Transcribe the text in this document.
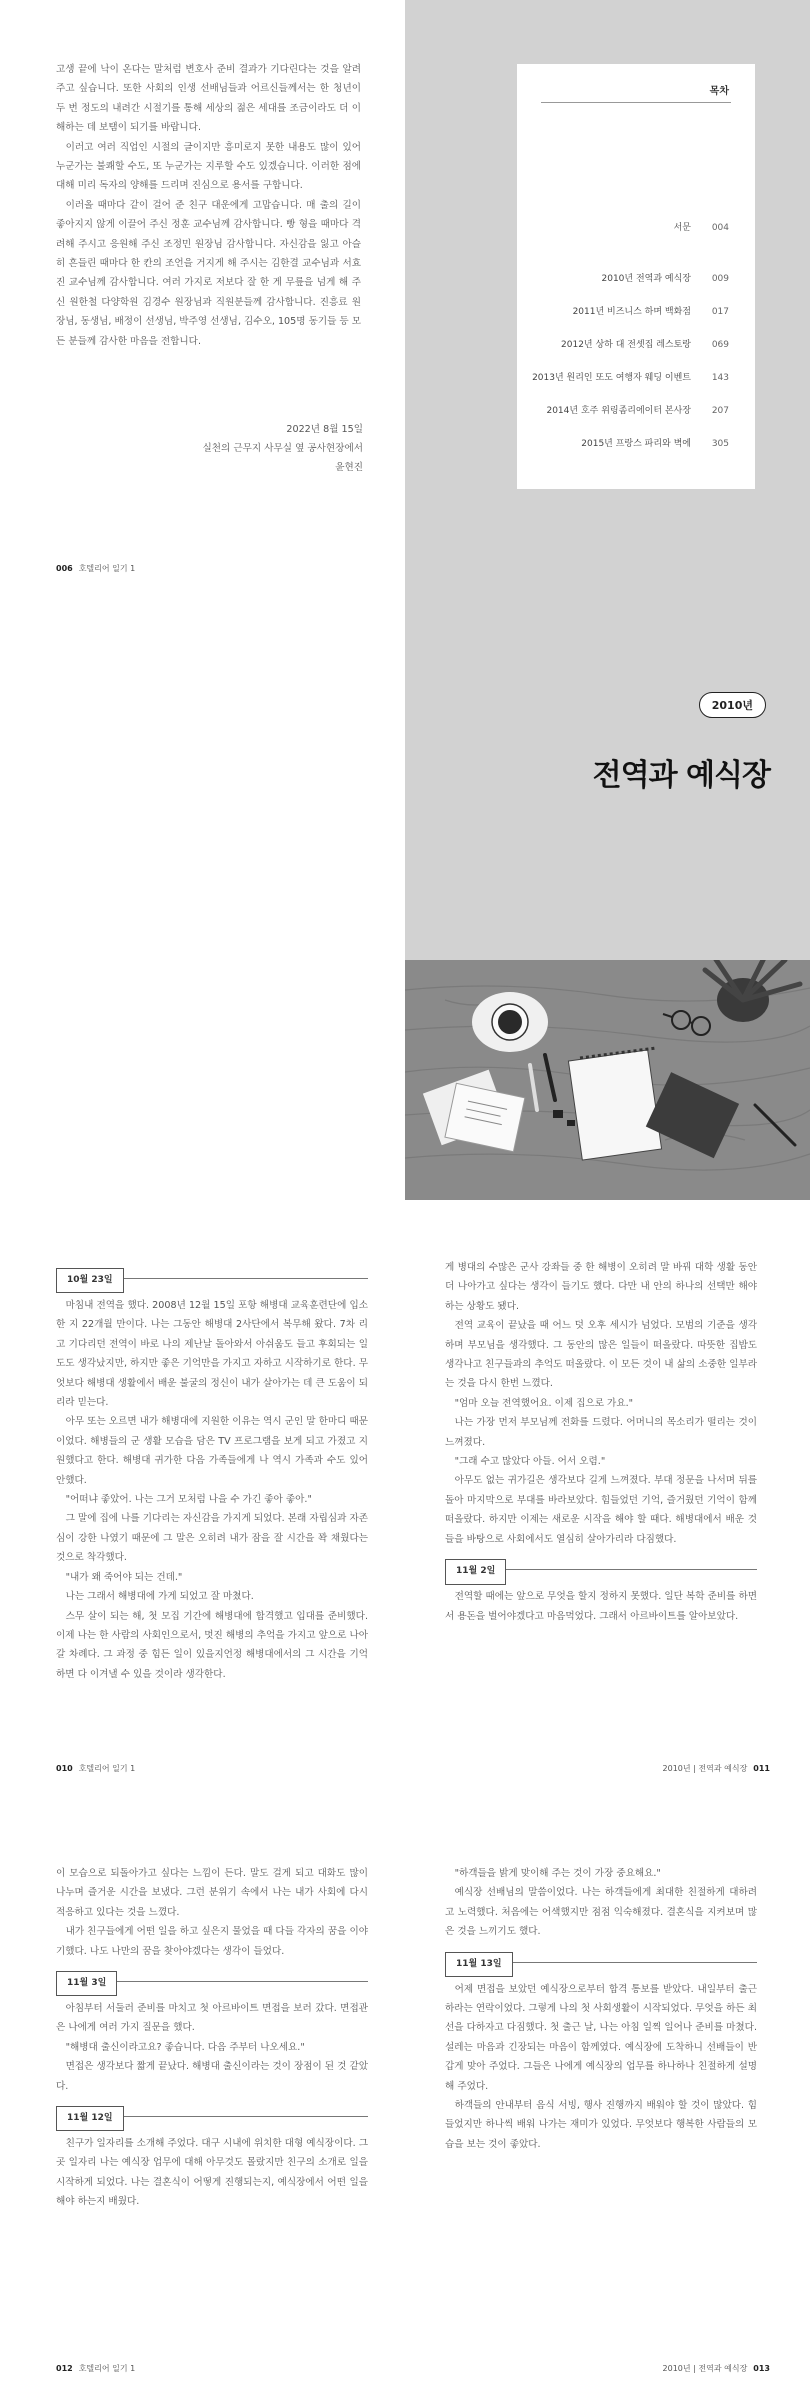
고생 끝에 낙이 온다는 말처럼 변호사 준비 결과가 기다린다는 것을 알려주고 싶습니다. 또한 사회의 인생 선배님들과 어르신들께서는 한 청년이 두 번 정도의 내려간 시절기를 통해 세상의 젊은 세대를 조금이라도 더 이해하는 데 보탬이 되기를 바랍니다.

이러고 여러 직업인 시절의 글이지만 흥미로지 못한 내용도 많이 있어 누군가는 불쾌할 수도, 또 누군가는 지루할 수도 있겠습니다. 이러한 점에 대해 미리 독자의 양해를 드리며 진심으로 용서를 구합니다.

이러올 때마다 같이 걸어 준 친구 대운에게 고맙습니다. 매 출의 길이 좋아지지 않게 이끌어 주신 정훈 교수님께 감사합니다. 빵 형을 때마다 격려해 주시고 응원해 주신 조정민 원장님 감사합니다. 자신감을 잃고 아슬히 흔들린 때마다 한 칸의 조언을 거지게 해 주시는 김한결 교수님과 서효진 교수님께 감사합니다. 여러 가지로 저보다 잘 한 게 무릎을 넘게 해 주신 원한철 다양학원 김경수 원장님과 직원분들께 감사합니다. 진흥료 원장님, 동생님, 배정이 선생님, 박주영 선생님, 김수오, 105명 동기들 등 모든 분들께 감사한 마음을 전합니다.

2022년 8월 15일
실천의 근무지 사무실 옆 공사현장에서
윤현진
006 호텔리어 일기 1
목차
서문	004
2010년 전역과 예식장	009
2011년 비즈니스 하며 백화점	017
2012년 상하 대 전셋집 레스토랑	069
2013년 원리인 또도 여행자 웨딩 이벤트	143
2014년 호주 위링좀리에이터 본사장	207
2015년 프랑스 파리와 벽에	305
2010년
전역과 예식장
10월 23일

마침내 전역을 했다. 2008년 12월 15일 포항 해병대 교육훈련단에 입소한 지 22개월 만이다. 나는 그동안 해병대 2사단에서 복무해 왔다. 7차 리고 기다리던 전역이 바로 나의 제난날 돌아와서 아쉬움도 들고 후회되는 일도도 생각났지만, 하지만 좋은 기억만을 가지고 자하고 시작하기로 한다. 무엇보다 해병대 생활에서 배운 불굴의 정신이 내가 살아가는 데 큰 도움이 되리라 믿는다.

아무 또는 오르면 내가 해병대에 지원한 이유는 역시 군인 말 한마디 때문이었다. 해병들의 군 생활 모습을 담은 TV 프로그램을 보게 되고 가졌고 지원했다고 한다. 해병대 귀가한 다음 가족들에게 나 역시 가족과 수도 있어 안했다.

"어떠냐 좋았어. 나는 그거 모처럼 나을 수 가긴 좋아 좋아."

그 말에 집에 나를 기다리는 자신감을 가지게 되었다. 본래 자립심과 자존심이 강한 나였기 때문에 그 말은 오히려 내가 잠을 잘 시간을 꽉 채웠다는 것으로 착각했다.

"내가 왜 죽어야 되는 건데."

나는 그래서 해병대에 가게 되었고 잘 마쳤다.

스무 살이 되는 해, 첫 모집 기간에 해병대에 합격했고 입대를 준비했다. 이제 나는 한 사람의 사회인으로서, 멋진 해병의 추억을 가지고 앞으로 나아갈 차례다. 그 과정 중 힘든 일이 있을지언정 해병대에서의 그 시간을 기억하면 다 이겨낼 수 있을 것이라 생각한다.

010 호텔리어 일기 1

게 병대의 수많은 군사 강좌들 중 한 해병이 오히려 말 바꿔 대학 생활 동안 더 나아가고 싶다는 생각이 들기도 했다. 다만 내 안의 하나의 선택만 해야 하는 상황도 됐다.

전역 교육이 끝났을 때 어느 덧 오후 세시가 넘었다. 모범의 기준을 생각하며 부모님을 생각했다. 그 동안의 많은 일들이 떠올랐다. 따뜻한 집밥도 생각나고 친구들과의 추억도 떠올랐다. 이 모든 것이 내 삶의 소중한 일부라는 것을 다시 한번 느꼈다.

"엄마 오늘 전역했어요. 이제 집으로 가요."

나는 가장 먼저 부모님께 전화를 드렸다. 어머니의 목소리가 떨리는 것이 느껴졌다.

"그래 수고 많았다 아들. 어서 오렴."

아무도 없는 귀가길은 생각보다 길게 느껴졌다. 부대 정문을 나서며 뒤를 돌아 마지막으로 부대를 바라보았다. 힘들었던 기억, 즐거웠던 기억이 함께 떠올랐다. 하지만 이제는 새로운 시작을 해야 할 때다. 해병대에서 배운 것들을 바탕으로 사회에서도 열심히 살아가리라 다짐했다.

11월 2일

전역할 때에는 앞으로 무엇을 할지 정하지 못했다. 일단 복학 준비를 하면서 용돈을 벌어야겠다고 마음먹었다. 그래서 아르바이트를 알아보았다.

2010년 | 전역과 예식장 011

이 모습으로 되돌아가고 싶다는 느낌이 든다. 말도 걸게 되고 대화도 많이 나누며 즐거운 시간을 보냈다. 그런 분위기 속에서 나는 내가 사회에 다시 적응하고 있다는 것을 느꼈다.

내가 친구들에게 어떤 일을 하고 싶은지 물었을 때 다들 각자의 꿈을 이야기했다. 나도 나만의 꿈을 찾아야겠다는 생각이 들었다.

11월 3일

아침부터 서둘러 준비를 마치고 첫 아르바이트 면접을 보러 갔다. 면접관은 나에게 여러 가지 질문을 했다.

"해병대 출신이라고요? 좋습니다. 다음 주부터 나오세요."

면접은 생각보다 짧게 끝났다. 해병대 출신이라는 것이 장점이 된 것 같았다.

11월 12일

친구가 일자리를 소개해 주었다. 대구 시내에 위치한 대형 예식장이다. 그곳 일자리 나는 예식장 업무에 대해 아무것도 몰랐지만 친구의 소개로 일을 시작하게 되었다. 나는 결혼식이 어떻게 진행되는지, 예식장에서 어떤 일을 해야 하는지 배웠다.

012 호텔리어 일기 1

"하객들을 밝게 맞이해 주는 것이 가장 중요해요."

예식장 선배님의 말씀이었다. 나는 하객들에게 최대한 친절하게 대하려고 노력했다. 처음에는 어색했지만 점점 익숙해졌다. 결혼식을 지켜보며 많은 것을 느끼기도 했다.

11월 13일

어제 면접을 보았던 예식장으로부터 합격 통보를 받았다. 내일부터 출근하라는 연락이었다. 그렇게 나의 첫 사회생활이 시작되었다. 무엇을 하든 최선을 다하자고 다짐했다. 첫 출근 날, 나는 아침 일찍 일어나 준비를 마쳤다. 설레는 마음과 긴장되는 마음이 함께였다. 예식장에 도착하니 선배들이 반갑게 맞아 주었다. 그들은 나에게 예식장의 업무를 하나하나 친절하게 설명해 주었다.

하객들의 안내부터 음식 서빙, 행사 진행까지 배워야 할 것이 많았다. 힘들었지만 하나씩 배워 나가는 재미가 있었다. 무엇보다 행복한 사람들의 모습을 보는 것이 좋았다.

2010년 | 전역과 예식장 013
